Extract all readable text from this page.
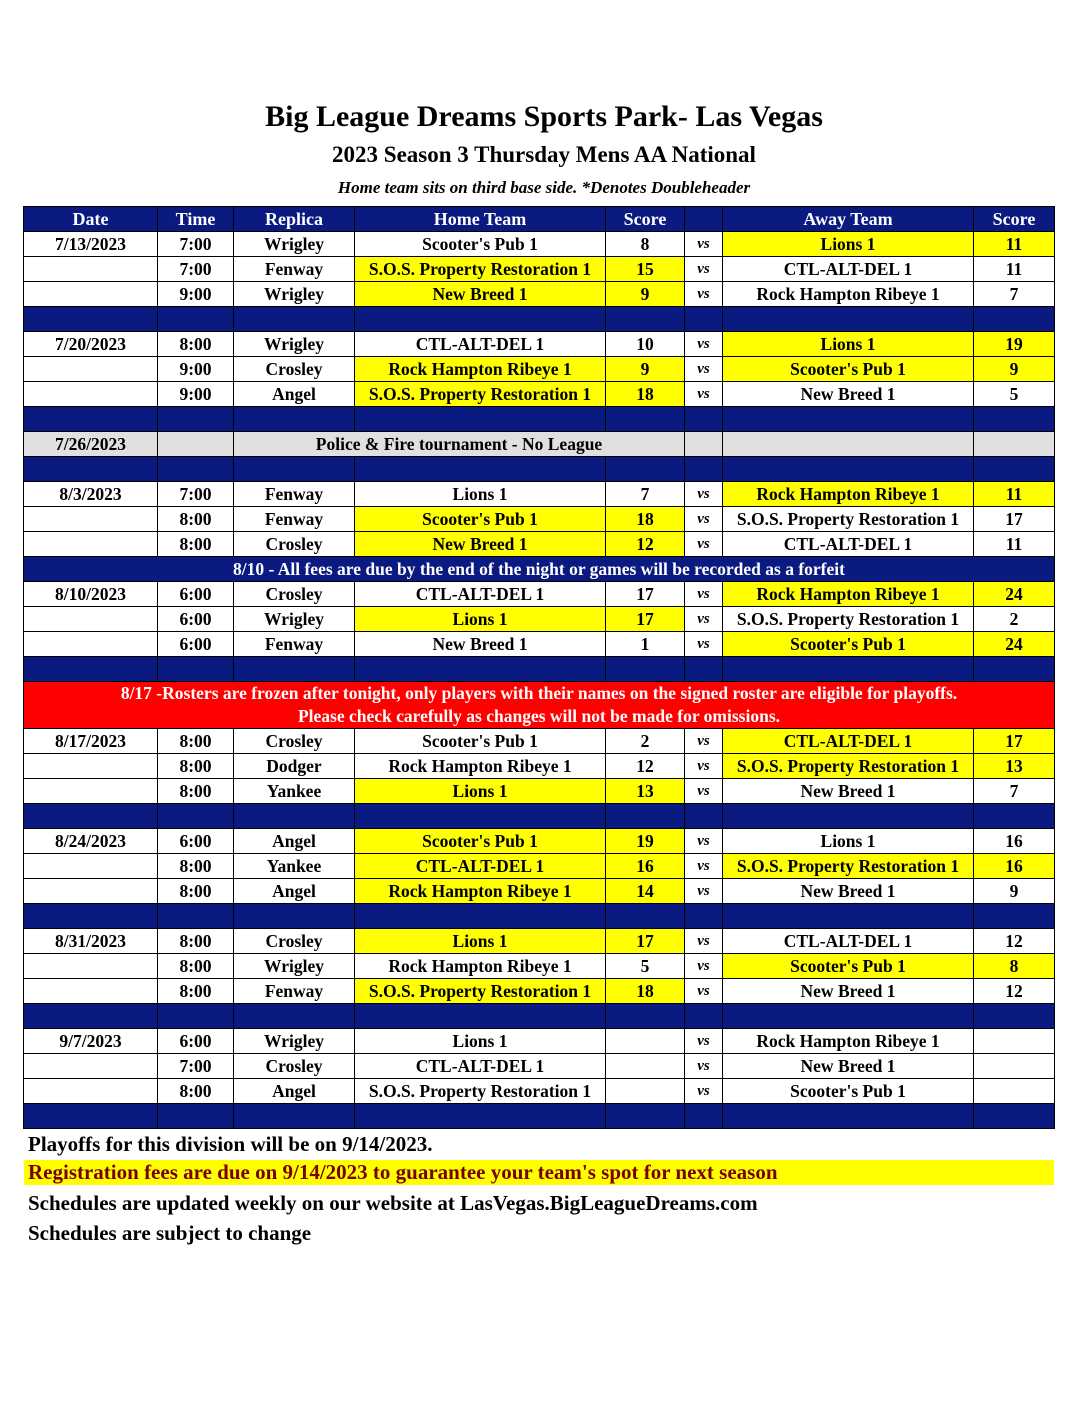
Big League Dreams Sports Park- Las Vegas
2023 Season 3 Thursday Mens AA National
Home team sits on third base side. *Denotes Doubleheader
Date	Time	Replica	Home Team	Score		Away Team	Score
7/13/2023	7:00	Wrigley	Scooter's Pub 1	8	vs	Lions 1	11
	7:00	Fenway	S.O.S. Property Restoration 1	15	vs	CTL-ALT-DEL 1	11
	9:00	Wrigley	New Breed 1	9	vs	Rock Hampton Ribeye 1	7

7/20/2023	8:00	Wrigley	CTL-ALT-DEL 1	10	vs	Lions 1	19
	9:00	Crosley	Rock Hampton Ribeye 1	9	vs	Scooter's Pub 1	9
	9:00	Angel	S.O.S. Property Restoration 1	18	vs	New Breed 1	5

7/26/2023		Police & Fire tournament - No League					

8/3/2023	7:00	Fenway	Lions 1	7	vs	Rock Hampton Ribeye 1	11
	8:00	Fenway	Scooter's Pub 1	18	vs	S.O.S. Property Restoration 1	17
	8:00	Crosley	New Breed 1	12	vs	CTL-ALT-DEL 1	11
8/10 - All fees are due by the end of the night or games will be recorded as a forfeit							
8/10/2023	6:00	Crosley	CTL-ALT-DEL 1	17	vs	Rock Hampton Ribeye 1	24
	6:00	Wrigley	Lions 1	17	vs	S.O.S. Property Restoration 1	2
	6:00	Fenway	New Breed 1	1	vs	Scooter's Pub 1	24

8/17 -Rosters are frozen after tonight, only players with their names on the signed roster are eligible for playoffs.
Please check carefully as changes will not be made for omissions.							

8/17/2023	8:00	Crosley	Scooter's Pub 1	2	vs	CTL-ALT-DEL 1	17
	8:00	Dodger	Rock Hampton Ribeye 1	12	vs	S.O.S. Property Restoration 1	13
	8:00	Yankee	Lions 1	13	vs	New Breed 1	7

8/24/2023	6:00	Angel	Scooter's Pub 1	19	vs	Lions 1	16
	8:00	Yankee	CTL-ALT-DEL 1	16	vs	S.O.S. Property Restoration 1	16
	8:00	Angel	Rock Hampton Ribeye 1	14	vs	New Breed 1	9

8/31/2023	8:00	Crosley	Lions 1	17	vs	CTL-ALT-DEL 1	12
	8:00	Wrigley	Rock Hampton Ribeye 1	5	vs	Scooter's Pub 1	8
	8:00	Fenway	S.O.S. Property Restoration 1	18	vs	New Breed 1	12

9/7/2023	6:00	Wrigley	Lions 1		vs	Rock Hampton Ribeye 1	
	7:00	Crosley	CTL-ALT-DEL 1		vs	New Breed 1	
	8:00	Angel	S.O.S. Property Restoration 1		vs	Scooter's Pub 1	

Playoffs for this division will be on 9/14/2023.
Registration fees are due on 9/14/2023 to guarantee your team's spot for next season
Schedules are updated weekly on our website at LasVegas.BigLeagueDreams.com
Schedules are subject to change
